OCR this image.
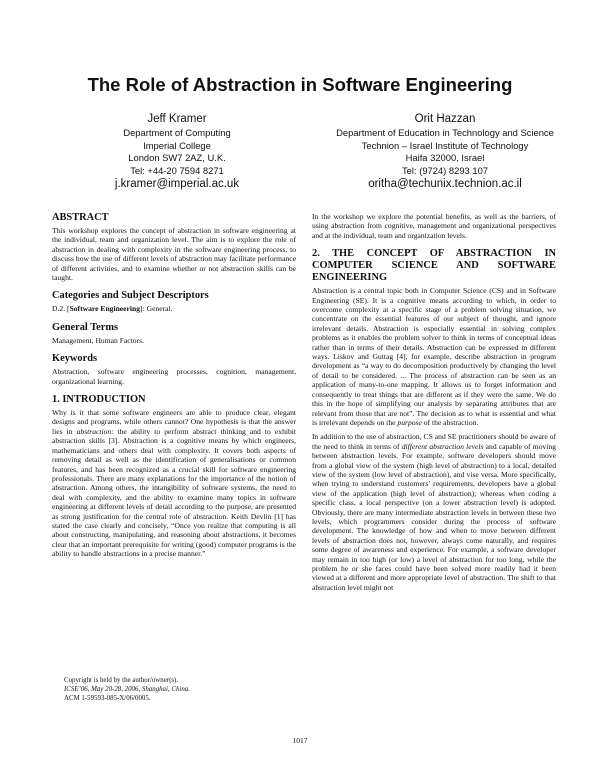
The Role of Abstraction in Software Engineering
Jeff Kramer
Department of Computing
Imperial College
London SW7 2AZ, U.K.
Tel: +44-20 7594 8271
j.kramer@imperial.ac.uk
Orit Hazzan
Department of Education in Technology and Science
Technion – Israel Institute of Technology
Haifa 32000, Israel
Tel: (9724) 8293 107
oritha@techunix.technion.ac.il
ABSTRACT

This workshop explores the concept of abstraction in software engineering at the individual, team and organization level. The aim is to explore the role of abstraction in dealing with complexity in the software engineering process, to discuss how the use of different levels of abstraction may facilitate performance of different activities, and to examine whether or not abstraction skills can be taught.

Categories and Subject Descriptors

D.2. [Software Engineering]: General.

General Terms

Management, Human Factors.

Keywords

Abstraction, software engineering processes, cognition, management, organizational learning.

1. INTRODUCTION

Why is it that some software engineers are able to produce clear, elegant designs and programs, while others cannot? One hypothesis is that the answer lies in abstraction: the ability to perform abstract thinking and to exhibit abstraction skills [3]. Abstraction is a cognitive means by which engineers, mathematicians and others deal with complexity. It covers both aspects of removing detail as well as the identification of generalisations or common features, and has been recognized as a crucial skill for software engineering professionals. There are many explanations for the importance of the notion of abstraction. Among others, the intangibility of software systems, the need to deal with complexity, and the ability to examine many topics in software engineering at different levels of detail according to the purpose, are presented as strong justification for the central role of abstraction. Keith Devlin [1] has stated the case clearly and concisely, “Once you realize that computing is all about constructing, manipulating, and reasoning about abstractions, it becomes clear that an important prerequisite for writing (good) computer programs is the ability to handle abstractions in a precise manner.”

Copyright is held by the author/owner(s).
ICSE’06, May 20-28, 2006, Shanghai, China.
ACM 1-59593-085-X/06/0005.

In the workshop we explore the potential benefits, as well as the barriers, of using abstraction from cognitive, management and organizational perspectives and at the individual, team and organization levels.

2. THE CONCEPT OF ABSTRACTION IN COMPUTER SCIENCE AND SOFTWARE ENGINEERING

Abstraction is a central topic both in Computer Science (CS) and in Software Engineering (SE). It is a cognitive means according to which, in order to overcome complexity at a specific stage of a problem solving situation, we concentrate on the essential features of our subject of thought, and ignore irrelevant details. Abstraction is especially essential in solving complex problems as it enables the problem solver to think in terms of conceptual ideas rather than in terms of their details. Abstraction can be expressed in different ways. Liskov and Guttag [4], for example, describe abstraction in program development as “a way to do decomposition productively by changing the level of detail to be considered. ... The process of abstraction can be seen as an application of many-to-one mapping. It allows us to forget information and consequently to treat things that are different as if they were the same. We do this in the hope of simplifying our analysis by separating attributes that are relevant from those that are not”. The decision as to what is essential and what is irrelevant depends on the purpose of the abstraction.

In addition to the use of abstraction, CS and SE practitioners should be aware of the need to think in terms of different abstraction levels and capable of moving between abstraction levels. For example, software developers should move from a global view of the system (high level of abstraction) to a local, detailed view of the system (low level of abstraction), and vise versa. More specifically, when trying to understand customers’ requirements, developers have a global view of the application (high level of abstraction); whereas when coding a specific class, a local perspective (on a lower abstraction level) is adopted. Obviously, there are many intermediate abstraction levels in between these two levels, which programmers consider during the process of software development. The knowledge of how and when to move between different levels of abstraction does not, however, always come naturally, and requires some degree of awareness and experience. For example, a software developer may remain in too high (or low) a level of abstraction for too long, while the problem he or she faces could have been solved more readily had it been viewed at a different and more appropriate level of abstraction. The shift to that abstraction level might not

1017
